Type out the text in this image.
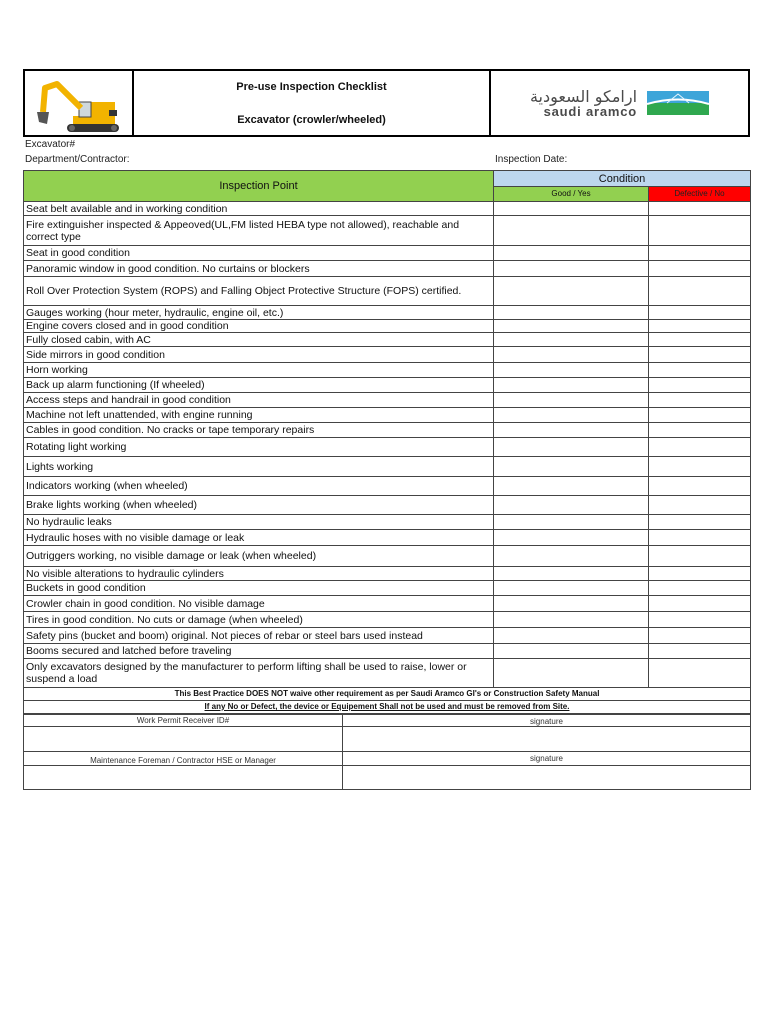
Pre-use Inspection Checklist
Excavator (crowler/wheeled)
ارامكو السعودية
saudi aramco
Excavator#
Department/Contractor:	Inspection Date:
Inspection Point	Condition	
	Good / Yes	Defective / No
Seat belt available and in working condition		
Fire extinguisher inspected & Appeoved(UL,FM listed HEBA type not allowed), reachable and correct type		
Seat in good condition		
Panoramic window in good condition. No curtains or blockers		
Roll Over Protection System (ROPS) and Falling Object Protective Structure (FOPS) certified.		
Gauges working (hour meter, hydraulic, engine oil, etc.)		
Engine covers closed and in good condition		
Fully closed cabin, with AC		
Side mirrors in good condition		
Horn working		
Back up alarm functioning (If wheeled)		
Access steps and handrail in good condition		
Machine not left unattended, with engine running		
Cables in good condition. No cracks or tape temporary repairs		
Rotating light working		
Lights working		
Indicators working (when wheeled)		
Brake lights working (when wheeled)		
No hydraulic leaks		
Hydraulic hoses with no visible damage or leak		
Outriggers working, no visible damage or leak (when wheeled)		
No visible alterations to hydraulic cylinders		
Buckets in good condition		
Crowler chain in good condition. No visible damage		
Tires in good condition. No cuts or damage (when wheeled)		
Safety pins (bucket and boom) original. Not pieces of rebar or steel bars used instead		
Booms secured and latched before traveling		
Only excavators designed by the manufacturer to perform lifting shall be used to raise, lower or suspend a load		
This Best Practice DOES NOT waive other requirement as per Saudi Aramco GI's or Construction Safety Manual		
If any No or Defect, the device or Equipement Shall not be used and must be removed from Site.		
Work Permit Receiver ID#	signature

Maintenance Foreman / Contractor HSE or Manager	signature
